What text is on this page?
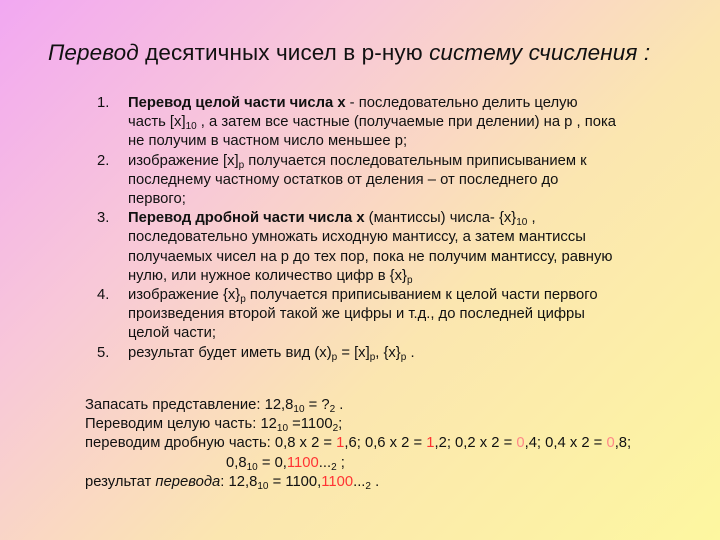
Перевод десятичных чисел в р-ную систему счисления :
1.	Перевод целой части числа х - последовательно делить целую часть $[x]_{10}$ , а затем все частные (получаемые при делении) на р , пока не получим в частном число меньшее р;
2.	изображение $[x]_p$ получается последовательным приписыванием к последнему частному остатков от деления – от последнего до первого;
3.	Перевод дробной части числа х (мантиссы) числа- $\{x\}_{10}$ , последовательно умножать исходную мантиссу, а затем мантиссы получаемых чисел на р до тех пор, пока не получим мантиссу, равную нулю, или нужное количество цифр в $\{x\}_p$
4.	изображение $\{x\}_p$ получается приписыванием к целой части первого произведения второй такой же цифры и т.д., до последней цифры целой части;
5.	результат будет иметь вид $(x)_p = [x]_p$, $\{x\}_p$ .
Запасать представление: $12,8_{10}$ = $?_2$ .
Переводим целую часть: $12_{10} =1100_2$;
переводим дробную часть: 0,8 х 2 = 1,6; 0,6 х 2 = 1,2; 0,2 х 2 = 0,4; 0,4 х 2 = 0,8;
$0,8_{10} = 0,1100..._2$ ;
результат перевода: $12,8_{10} = 1100,1100..._2$ .
